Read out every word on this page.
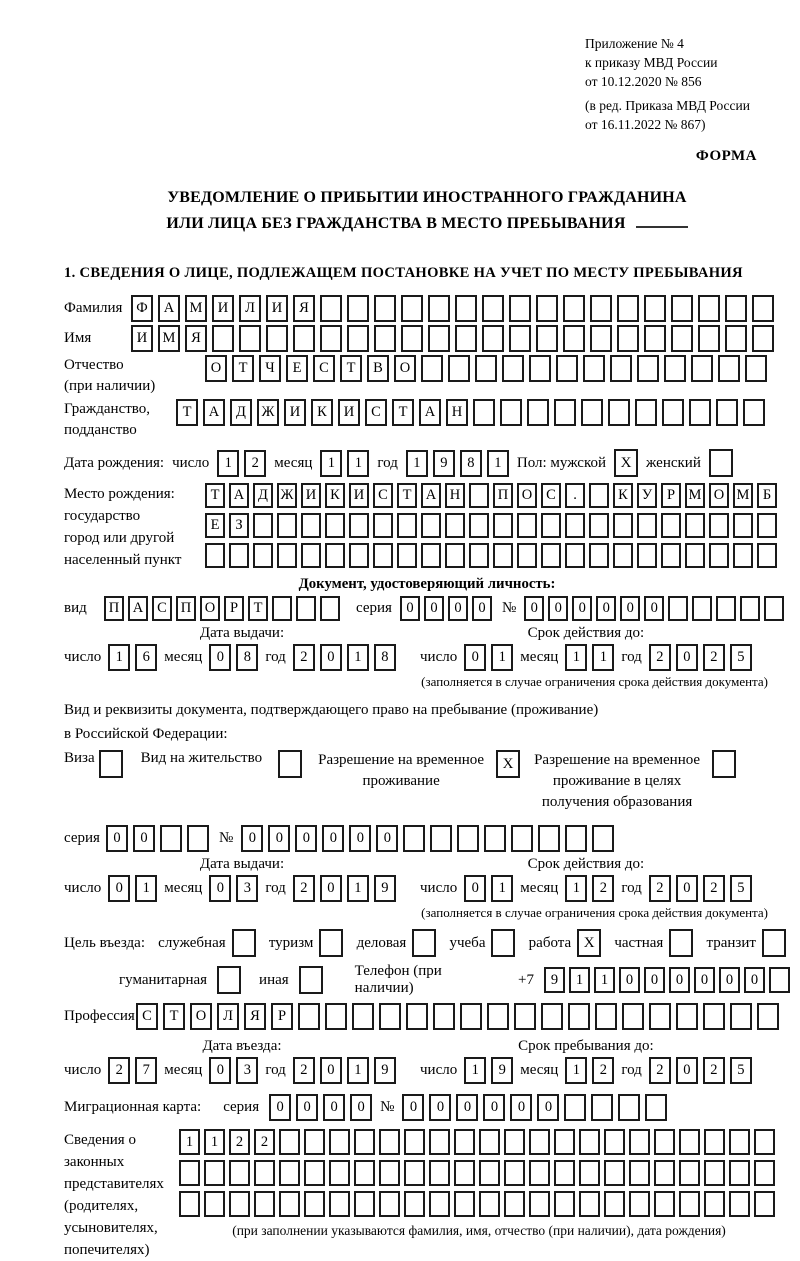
Приложение № 4
к приказу МВД России
от 10.12.2020 № 856
(в ред. Приказа МВД России
от 16.11.2022 № 867)
ФОРМА
УВЕДОМЛЕНИЕ О ПРИБЫТИИ ИНОСТРАННОГО ГРАЖДАНИНА
ИЛИ ЛИЦА БЕЗ ГРАЖДАНСТВА В МЕСТО ПРЕБЫВАНИЯ
1. СВЕДЕНИЯ О ЛИЦЕ, ПОДЛЕЖАЩЕМ ПОСТАНОВКЕ НА УЧЕТ ПО МЕСТУ ПРЕБЫВАНИЯ
Фамилия Ф	А	М	И	Л	И	Я
Имя	И	М	Я
Отчество
(при наличии)
О	Т	Ч	Е	С	Т	В	О
Гражданство,
подданство
Т	А	Д	Ж	И	К	И	С	Т	А	Н
Дата рождения: число	1	2	месяц	1	1	год	1	9	8	1	Пол: мужской X женский
Место рождения:
государство
город или другой
населенный пункт
Т А Д Ж И К И С	Т А Н	П О С	.	К У	Р М О М Б
Е	З
Документ, удостоверяющий личность:
вид	П А С П О	Р	Т	серия 0	0	0	0	№ 0	0	0	0	0	0
Дата выдачи:
число 1	6 месяц 0	8 год 2	0	1	8
Срок действия до:
число 0	1 месяц 1	1 год 2	0	2	5
(заполняется в случае ограничения срока действия документа)
Вид и реквизиты документа, подтверждающего право на пребывание (проживание)
в Российской Федерации:
Виза	Вид на жительство	Разрешение на временное
проживание
X	Разрешение на временное
проживание в целях
получения образования
серия 0	0	№	0	0	0	0	0	0
Дата выдачи:
число 0	1 месяц 0	3 год 2	0	1	9
Срок действия до:
число 0	1 месяц 1	2 год 2	0	2	5
(заполняется в случае ограничения срока действия документа)
Цель въезда: служебная	туризм	деловая	учеба	работа X	частная	транзит
гуманитарная	иная
Телефон (при наличии)
+7	9	1	1	0	0	0	0	0	0
Профессия С	Т	О	Л	Я	Р
Дата въезда:
число 2	7 месяц 0	3 год 2	0	1	9
Срок пребывания до:
число 1	9 месяц 1	2 год 2	0	2	5
Миграционная карта: серия	0	0	0	0	№	0	0	0	0	0	0
Сведения о
законных
представителях
(родителях,
усыновителях,
попечителях)
1	1	2	2
(при заполнении указываются фамилия, имя, отчество (при наличии), дата рождения)
